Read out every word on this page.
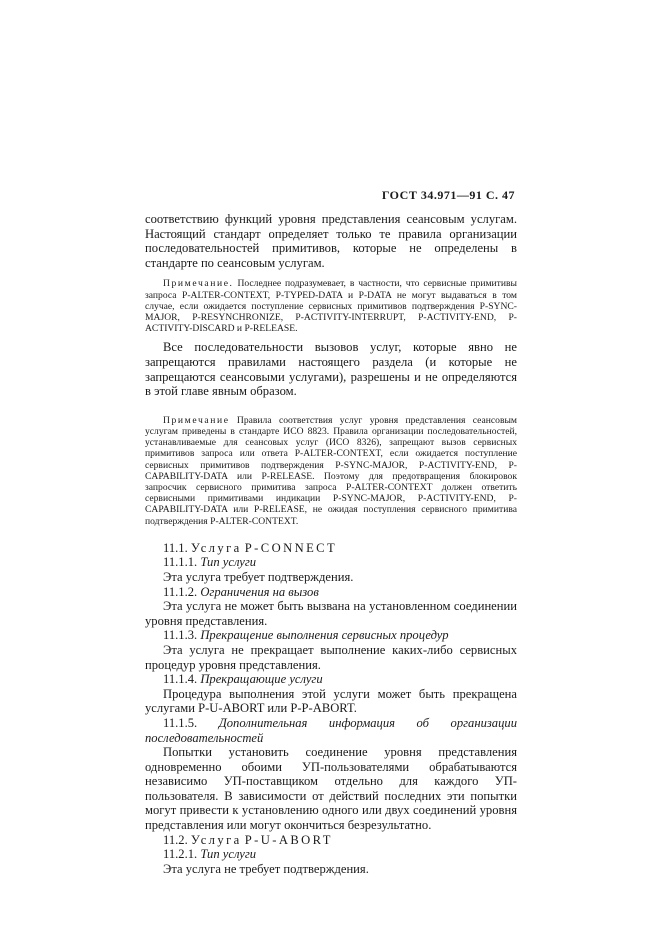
ГОСТ 34.971—91 С. 47

соответствию функций уровня представления сеансовым услугам. Настоящий стандарт определяет только те правила организации последовательностей примитивов, которые не определены в стандарте по сеансовым услугам.

Примечание. Последнее подразумевает, в частности, что сервисные примитивы запроса P-ALTER-CONTEXT, P-TYPED-DATA и P-DATA не могут выдаваться в том случае, если ожидается поступление сервисных примитивов подтверждения P-SYNC-MAJOR, P-RESYNCHRONIZE, P-ACTIVITY-INTERRUPT, P-ACTIVITY-END, P-ACTIVITY-DISCARD и P-RELEASE.

Все последовательности вызовов услуг, которые явно не запрещаются правилами настоящего раздела (и которые не запрещаются сеансовыми услугами), разрешены и не определяются в этой главе явным образом.

Примечание Правила соответствия услуг уровня представления сеансовым услугам приведены в стандарте ИСО 8823. Правила организации последовательностей, устанавливаемые для сеансовых услуг (ИСО 8326), запрещают вызов сервисных примитивов запроса или ответа P-ALTER-CONTEXT, если ожидается поступление сервисных примитивов подтверждения P-SYNC-MAJOR, P-ACTIVITY-END, P-CAPABILITY-DATA или P-RELEASE. Поэтому для предотвращения блокировок запросчик сервисного примитива запроса P-ALTER-CONTEXT должен ответить сервисными примитивами индикации P-SYNC-MAJOR, P-ACTIVITY-END, P-CAPABILITY-DATA или P-RELEASE, не ожидая поступления сервисного примитива подтверждения P-ALTER-CONTEXT.

11.1. Услуга P-CONNECT

11.1.1. Тип услуги

Эта услуга требует подтверждения.

11.1.2. Ограничения на вызов

Эта услуга не может быть вызвана на установленном соединении уровня представления.

11.1.3. Прекращение выполнения сервисных процедур

Эта услуга не прекращает выполнение каких-либо сервисных процедур уровня представления.

11.1.4. Прекращающие услуги

Процедура выполнения этой услуги может быть прекращена услугами P-U-ABORT или P-P-ABORT.

11.1.5. Дополнительная информация об организации последовательностей

Попытки установить соединение уровня представления одновременно обоими УП-пользователями обрабатываются независимо УП-поставщиком отдельно для каждого УП-пользователя. В зависимости от действий последних эти попытки могут привести к установлению одного или двух соединений уровня представления или могут окончиться безрезультатно.

11.2. Услуга P-U-ABORT

11.2.1. Тип услуги

Эта услуга не требует подтверждения.
